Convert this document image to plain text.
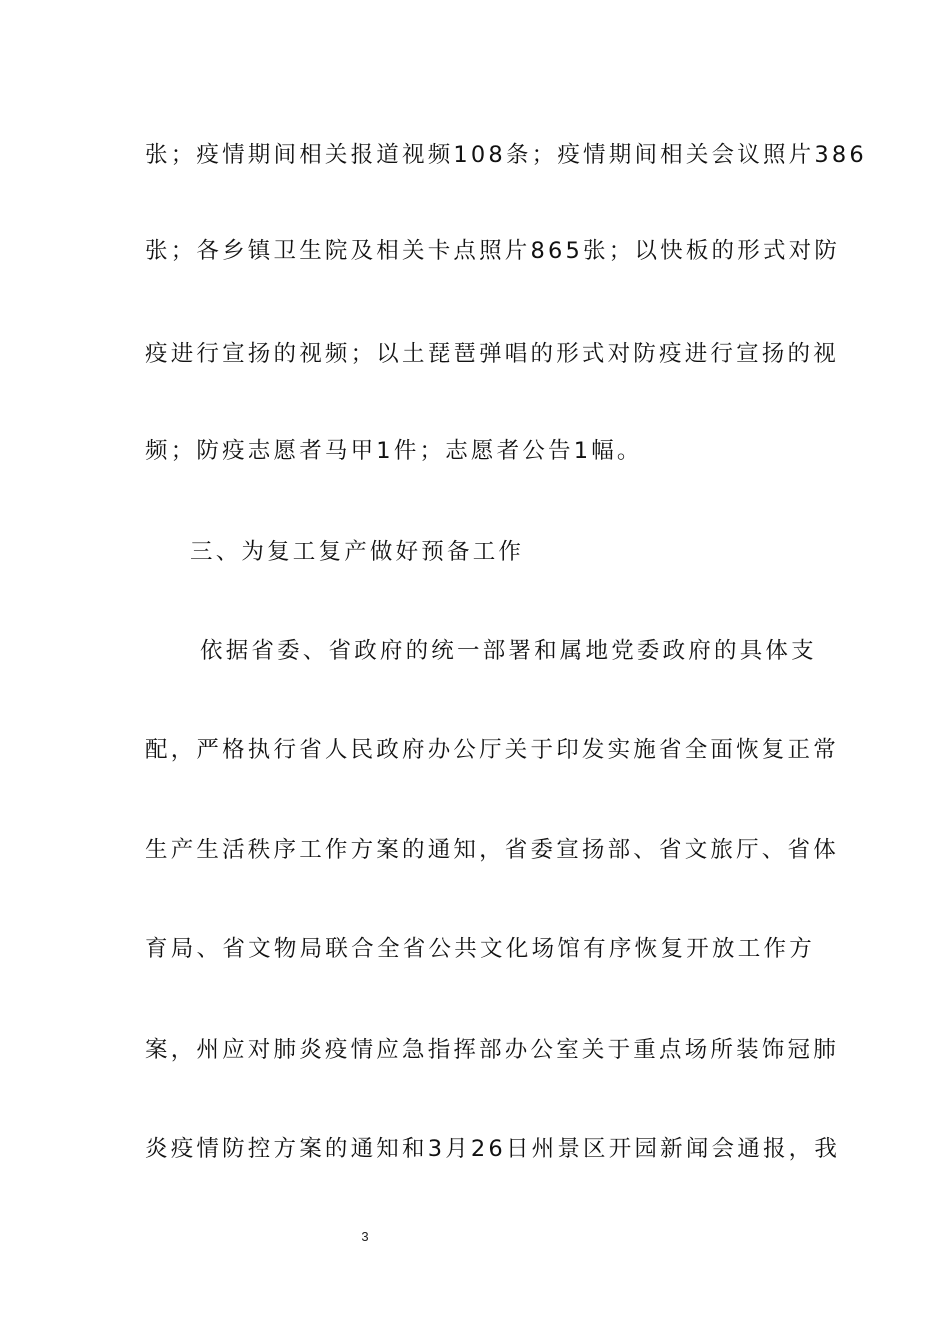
张；疫情期间相关报道视频108条；疫情期间相关会议照片386
张；各乡镇卫生院及相关卡点照片865张；以快板的形式对防
疫进行宣扬的视频；以土琵琶弹唱的形式对防疫进行宣扬的视
频；防疫志愿者马甲1件；志愿者公告1幅。
三、为复工复产做好预备工作
依据省委、省政府的统一部署和属地党委政府的具体支
配，严格执行省人民政府办公厅关于印发实施省全面恢复正常
生产生活秩序工作方案的通知，省委宣扬部、省文旅厅、省体
育局、省文物局联合全省公共文化场馆有序恢复开放工作方
案，州应对肺炎疫情应急指挥部办公室关于重点场所装饰冠肺
炎疫情防控方案的通知和3月26日州景区开园新闻会通报，我
3
